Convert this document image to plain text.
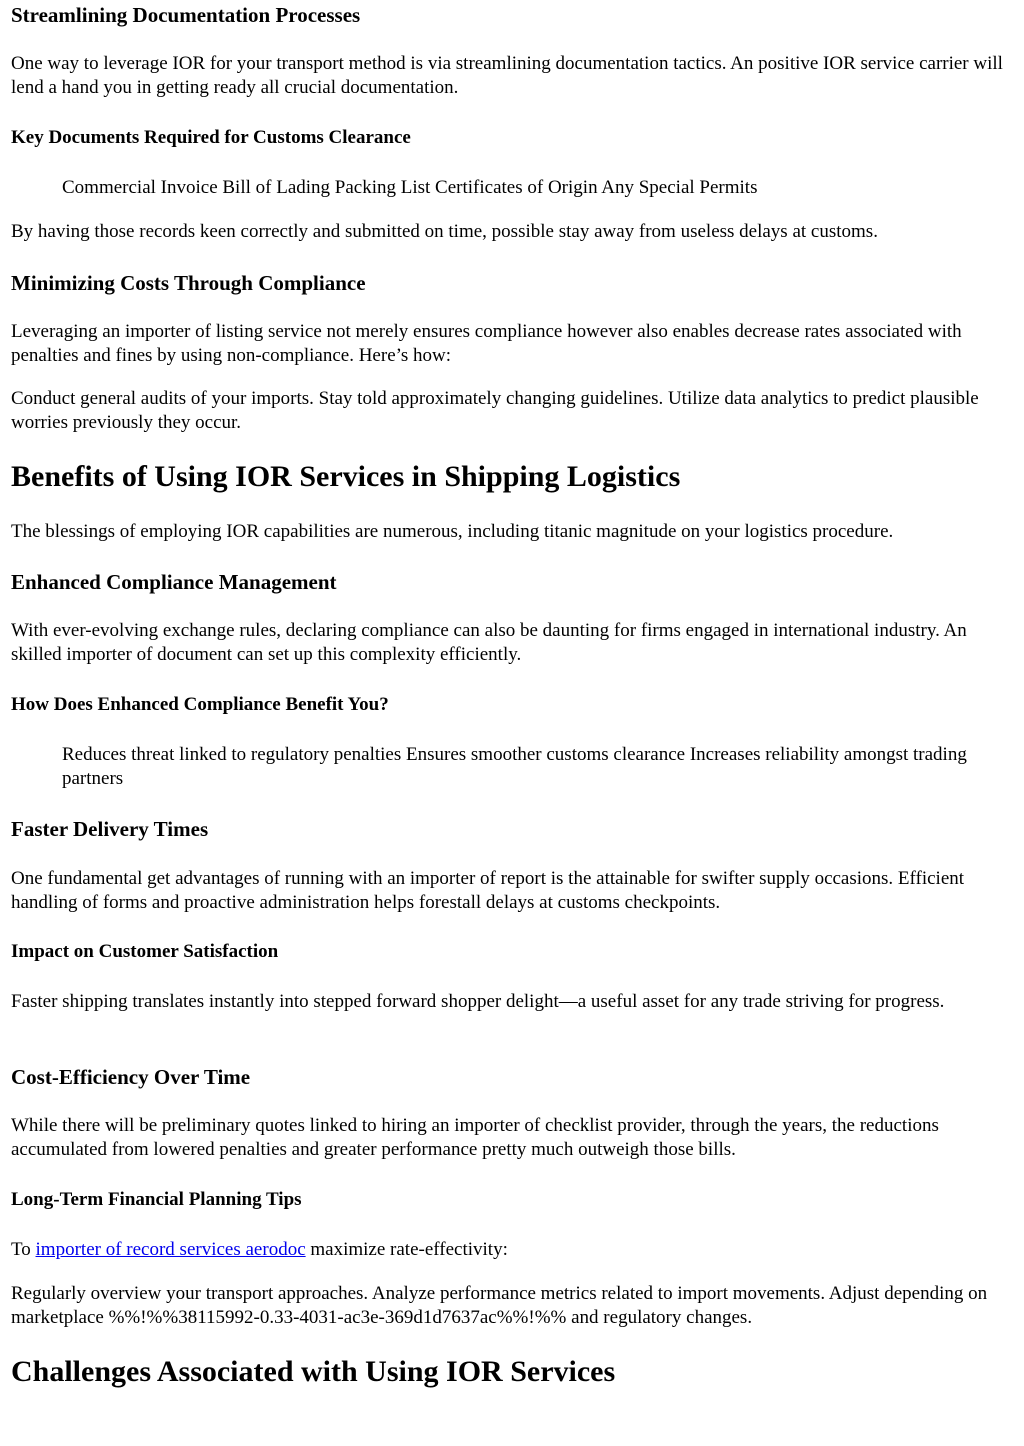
Streamlining Documentation Processes

One way to leverage IOR for your transport method is via streamlining documentation tactics. An positive IOR service carrier will lend a hand you in getting ready all crucial documentation.

Key Documents Required for Customs Clearance

Commercial Invoice Bill of Lading Packing List Certificates of Origin Any Special Permits

By having those records keen correctly and submitted on time, possible stay away from useless delays at customs.

Minimizing Costs Through Compliance

Leveraging an importer of listing service not merely ensures compliance however also enables decrease rates associated with penalties and fines by using non-compliance. Here’s how:

Conduct general audits of your imports. Stay told approximately changing guidelines. Utilize data analytics to predict plausible worries previously they occur.

Benefits of Using IOR Services in Shipping Logistics

The blessings of employing IOR capabilities are numerous, including titanic magnitude on your logistics procedure.

Enhanced Compliance Management

With ever-evolving exchange rules, declaring compliance can also be daunting for firms engaged in international industry. An skilled importer of document can set up this complexity efficiently.

How Does Enhanced Compliance Benefit You?

Reduces threat linked to regulatory penalties Ensures smoother customs clearance Increases reliability amongst trading partners

Faster Delivery Times

One fundamental get advantages of running with an importer of report is the attainable for swifter supply occasions. Efficient handling of forms and proactive administration helps forestall delays at customs checkpoints.

Impact on Customer Satisfaction

Faster shipping translates instantly into stepped forward shopper delight—a useful asset for any trade striving for progress.

Cost-Efficiency Over Time

While there will be preliminary quotes linked to hiring an importer of checklist provider, through the years, the reductions accumulated from lowered penalties and greater performance pretty much outweigh those bills.

Long-Term Financial Planning Tips

To importer of record services aerodoc maximize rate-effectivity:

Regularly overview your transport approaches. Analyze performance metrics related to import movements. Adjust depending on marketplace %%!%%38115992-0.33-4031-ac3e-369d1d7637ac%%!%% and regulatory changes.

Challenges Associated with Using IOR Services
